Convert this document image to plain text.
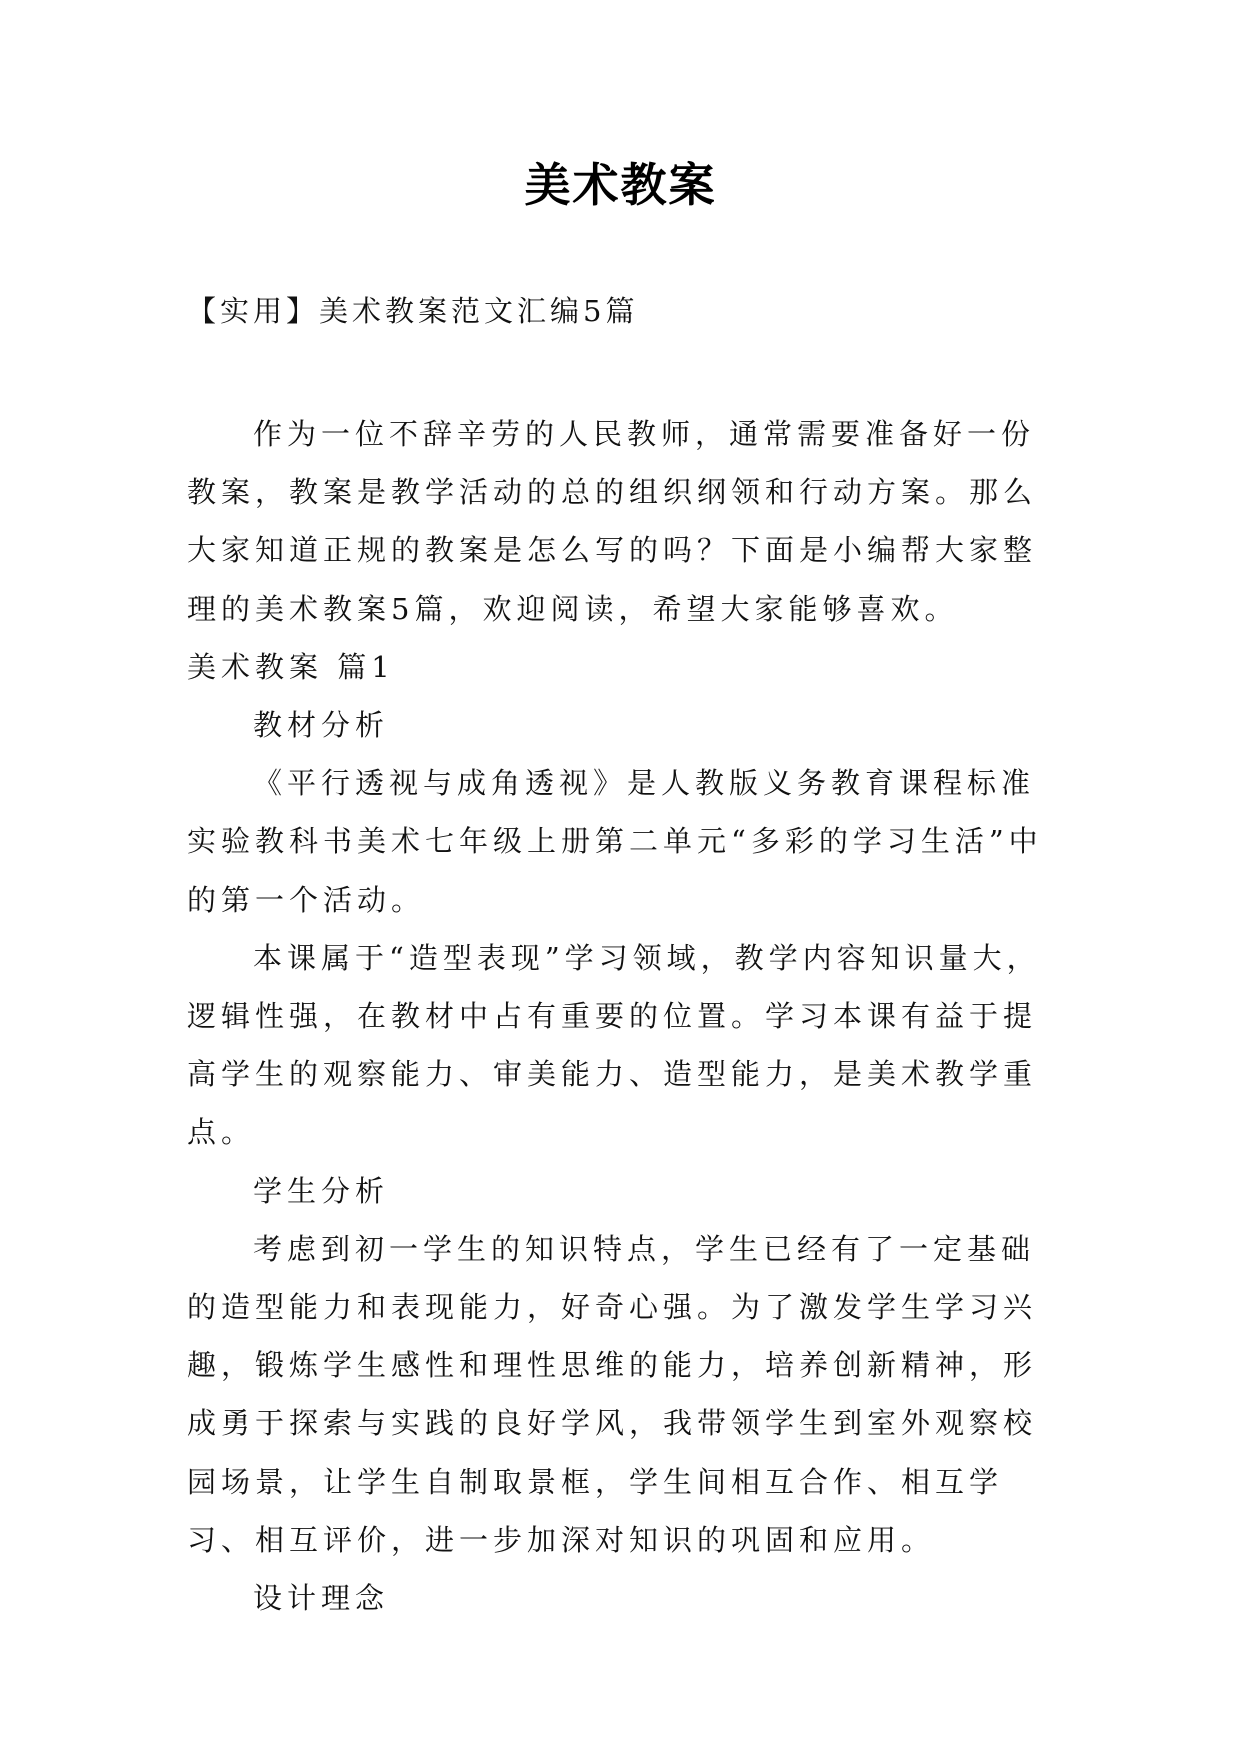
美术教案
【实用】美术教案范文汇编5篇

作为一位不辞辛劳的人民教师，通常需要准备好一份教案，教案是教学活动的总的组织纲领和行动方案。那么大家知道正规的教案是怎么写的吗？下面是小编帮大家整理的美术教案5篇，欢迎阅读，希望大家能够喜欢。

美术教案 篇1

教材分析

《平行透视与成角透视》是人教版义务教育课程标准实验教科书美术七年级上册第二单元“多彩的学习生活”中的第一个活动。

本课属于“造型表现”学习领域，教学内容知识量大，逻辑性强，在教材中占有重要的位置。学习本课有益于提高学生的观察能力、审美能力、造型能力，是美术教学重点。

学生分析

考虑到初一学生的知识特点，学生已经有了一定基础的造型能力和表现能力，好奇心强。为了激发学生学习兴趣，锻炼学生感性和理性思维的能力，培养创新精神，形成勇于探索与实践的良好学风，我带领学生到室外观察校园场景，让学生自制取景框，学生间相互合作、相互学习、相互评价，进一步加深对知识的巩固和应用。

设计理念
